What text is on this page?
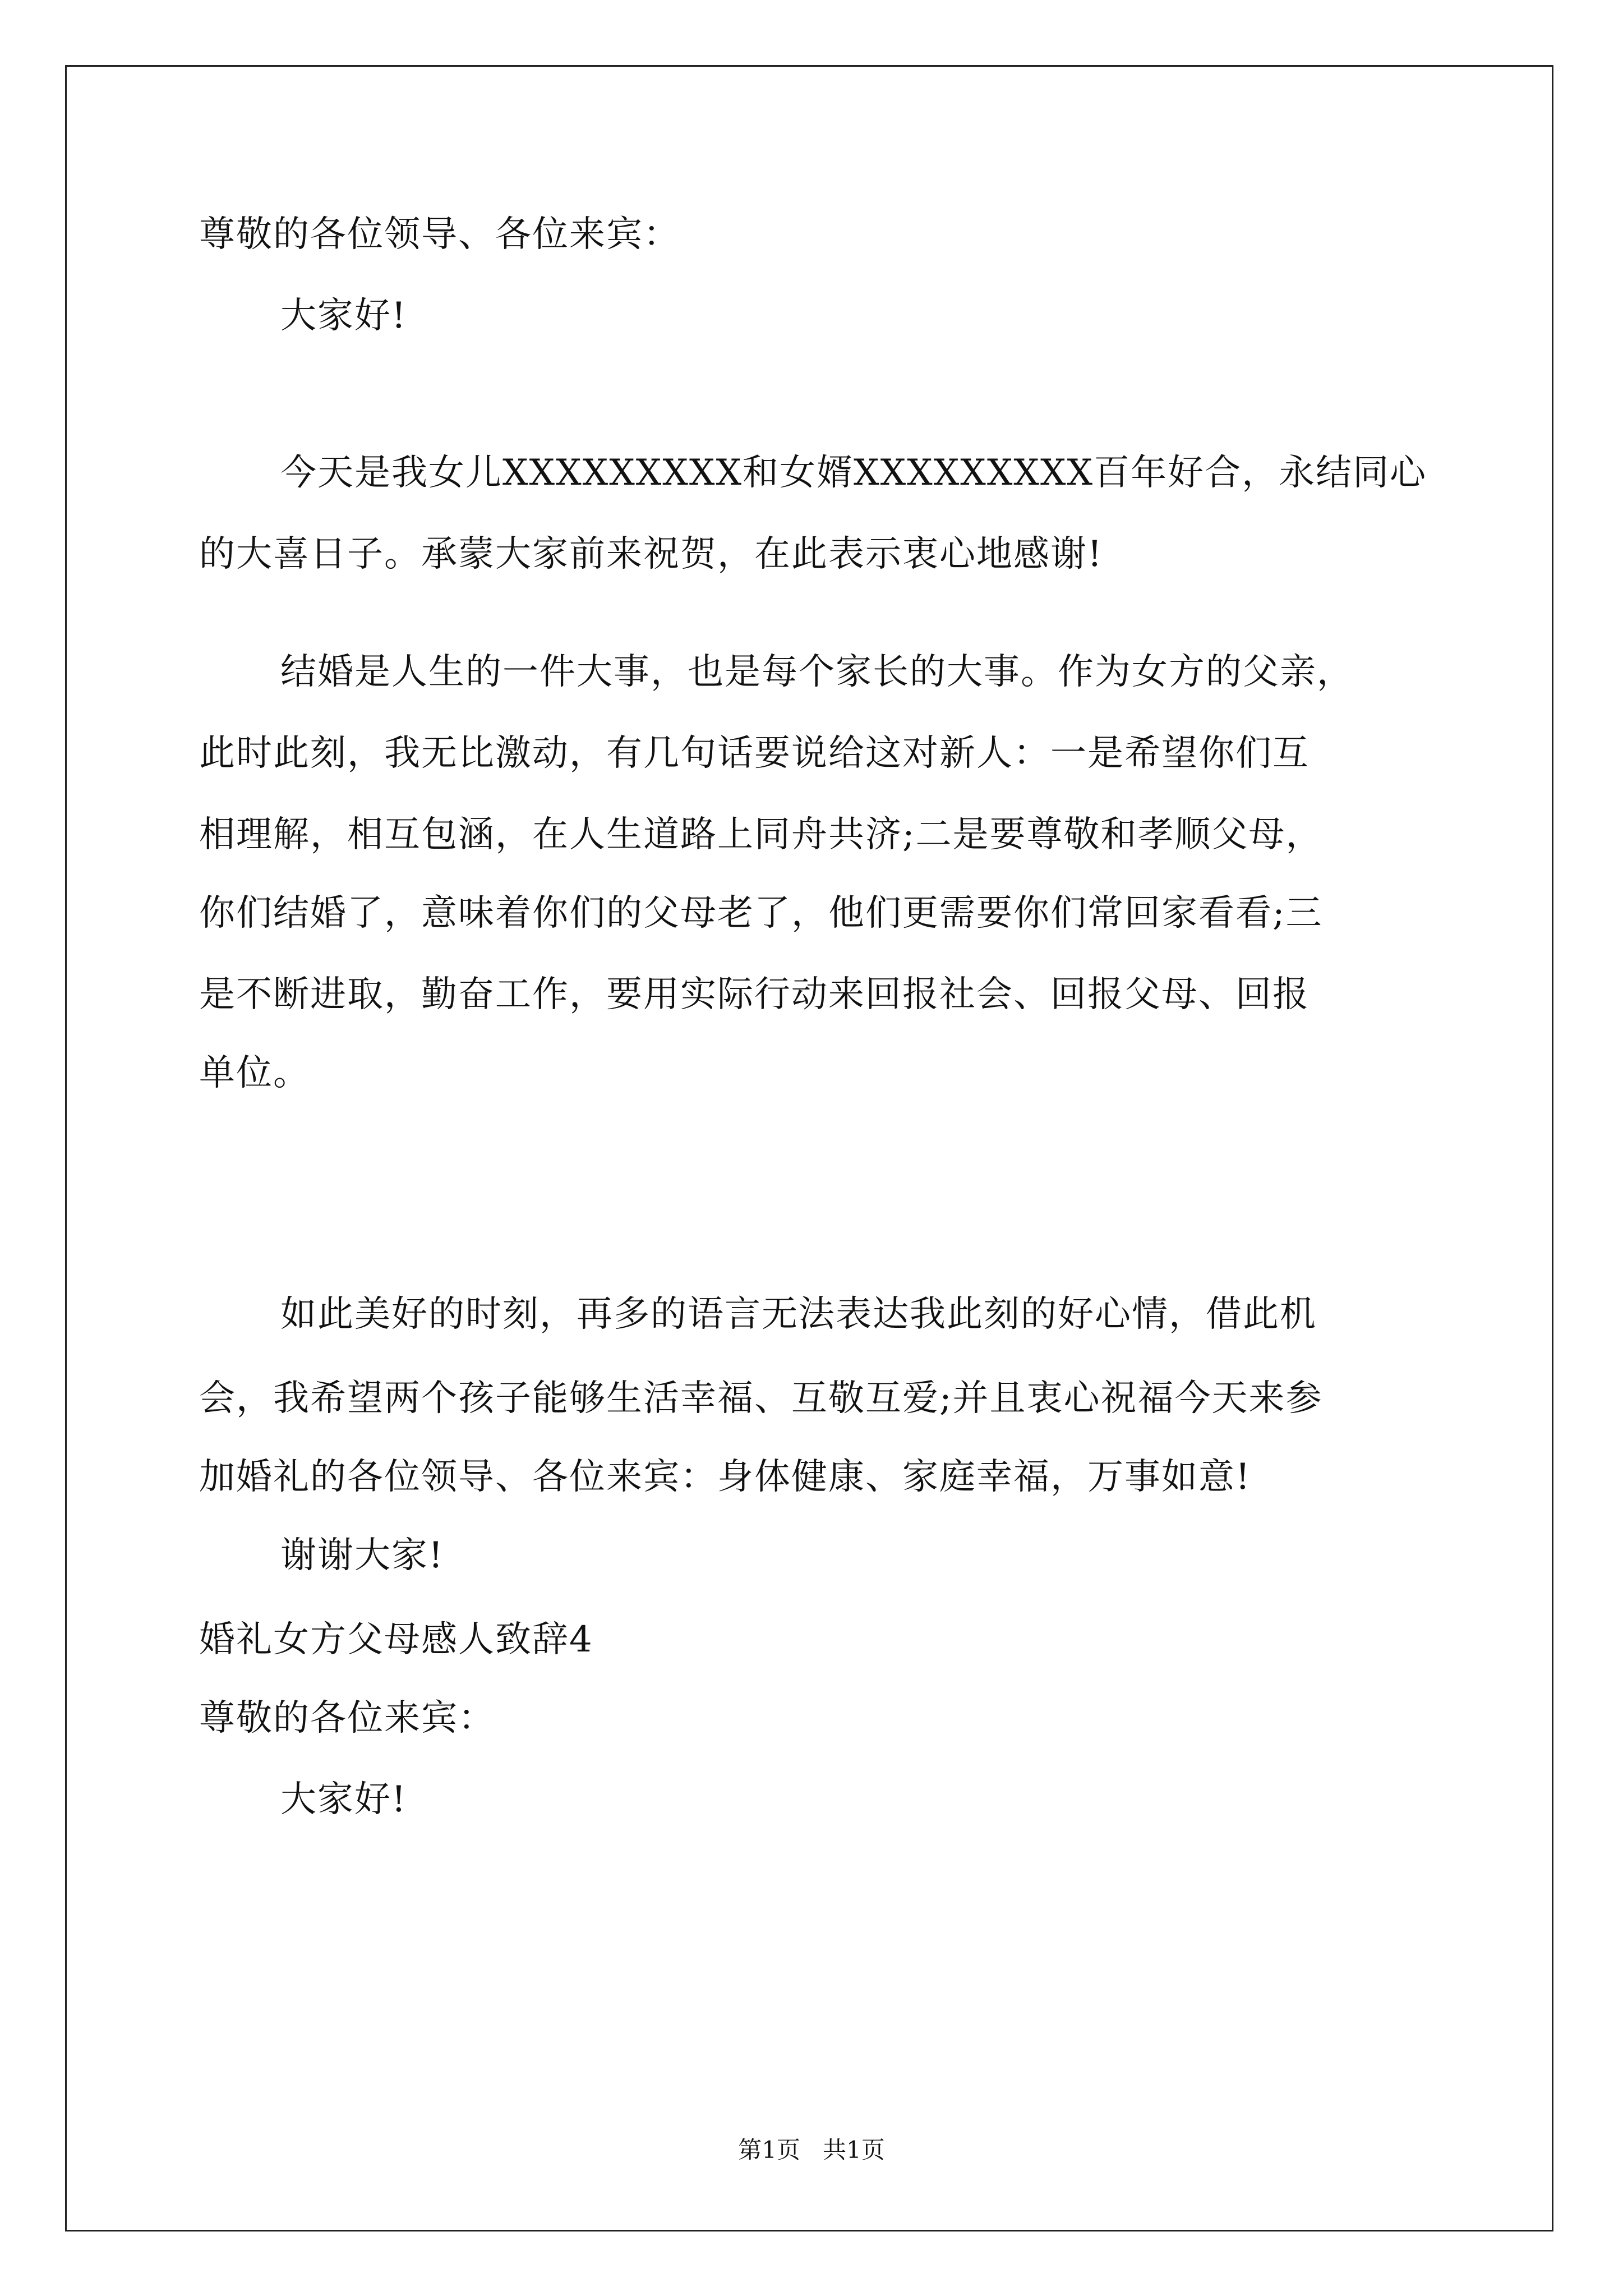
尊敬的各位领导、各位来宾：
大家好!
今天是我女儿XXXXXXXXX和女婿XXXXXXXXX百年好合，永结同心
的大喜日子。承蒙大家前来祝贺，在此表示衷心地感谢!
结婚是人生的一件大事，也是每个家长的大事。作为女方的父亲，
此时此刻，我无比激动，有几句话要说给这对新人：一是希望你们互
相理解，相互包涵，在人生道路上同舟共济;二是要尊敬和孝顺父母，
你们结婚了，意味着你们的父母老了，他们更需要你们常回家看看;三
是不断进取，勤奋工作，要用实际行动来回报社会、回报父母、回报
单位。
如此美好的时刻，再多的语言无法表达我此刻的好心情，借此机
会，我希望两个孩子能够生活幸福、互敬互爱;并且衷心祝福今天来参
加婚礼的各位领导、各位来宾：身体健康、家庭幸福，万事如意!
谢谢大家!
婚礼女方父母感人致辞4
尊敬的各位来宾：
大家好!
第1页   共1页
